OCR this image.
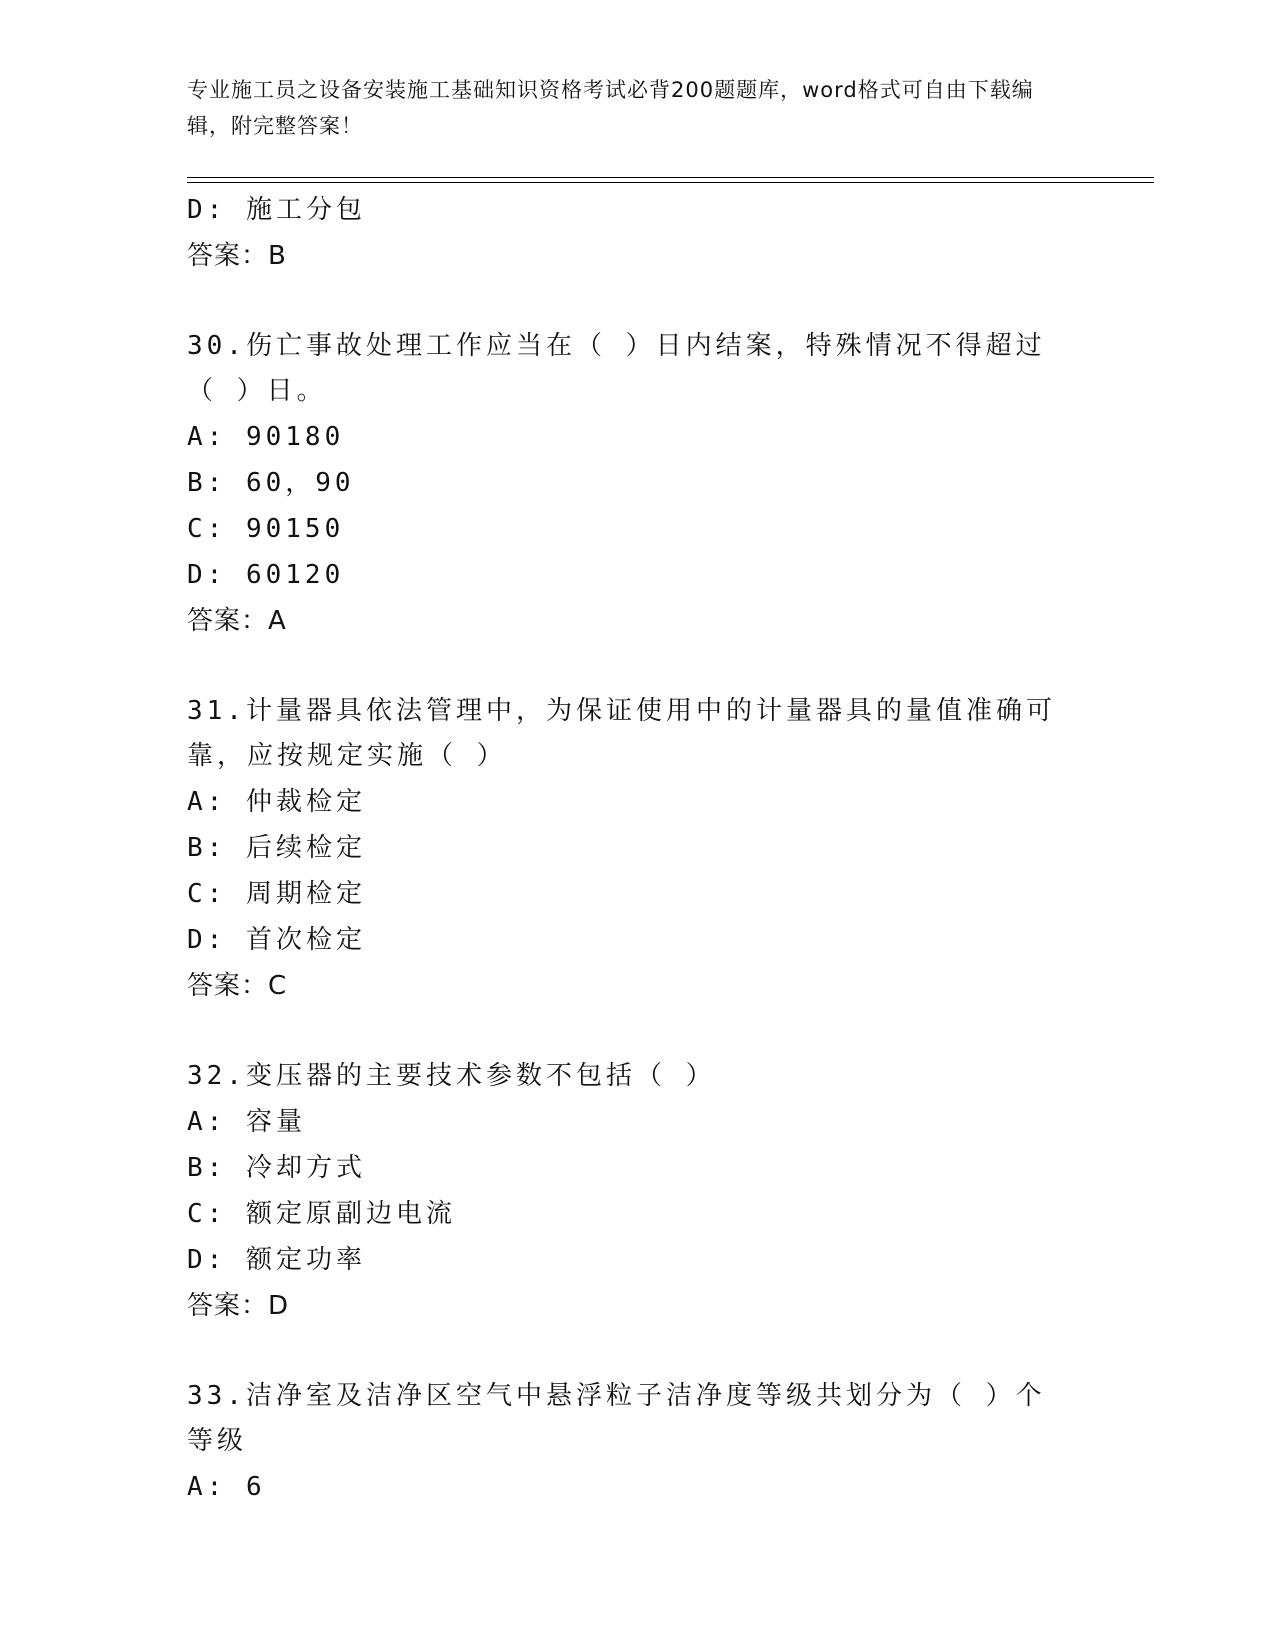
专业施工员之设备安装施工基础知识资格考试必背200题题库，word格式可自由下载编辑，附完整答案！
D: 施工分包
答案：B
30.伤亡事故处理工作应当在（ ）日内结案，特殊情况不得超过（ ）日。
A: 90180
B: 60，90
C: 90150
D: 60120
答案：A
31.计量器具依法管理中，为保证使用中的计量器具的量值准确可靠，应按规定实施（ ）
A: 仲裁检定
B: 后续检定
C: 周期检定
D: 首次检定
答案：C
32.变压器的主要技术参数不包括（ ）
A: 容量
B: 冷却方式
C: 额定原副边电流
D: 额定功率
答案：D
33.洁净室及洁净区空气中悬浮粒子洁净度等级共划分为（ ）个等级
A: 6
